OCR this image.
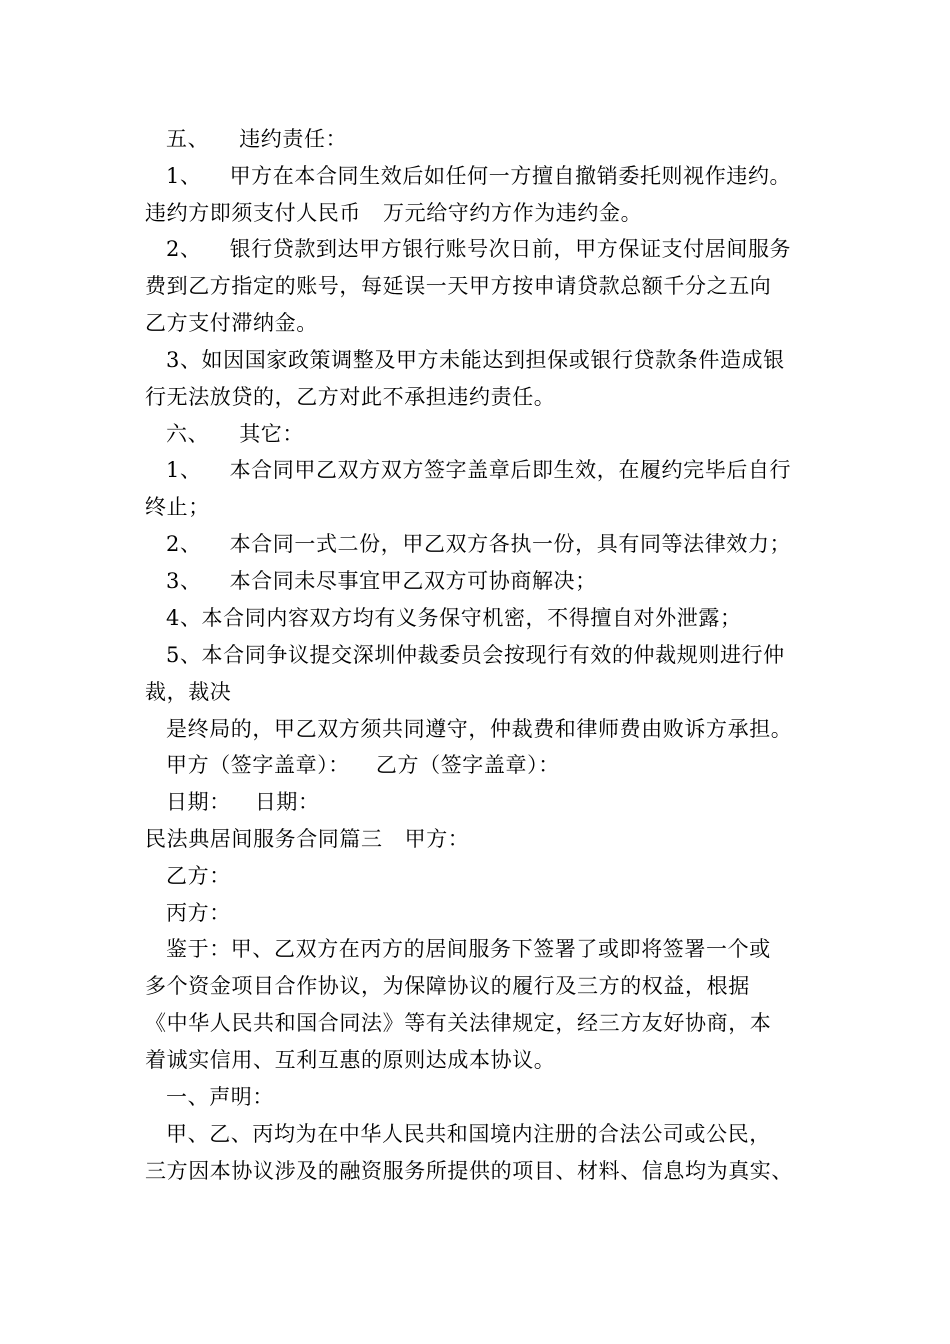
五、 违约责任：
1、 甲方在本合同生效后如任何一方擅自撤销委托则视作违约。
违约方即须支付人民币 万元给守约方作为违约金。
2、 银行贷款到达甲方银行账号次日前，甲方保证支付居间服务
费到乙方指定的账号，每延误一天甲方按申请贷款总额千分之五向
乙方支付滞纳金。
3、如因国家政策调整及甲方未能达到担保或银行贷款条件造成银
行无法放贷的，乙方对此不承担违约责任。
六、 其它：
1、 本合同甲乙双方双方签字盖章后即生效，在履约完毕后自行
终止；
2、 本合同一式二份，甲乙双方各执一份，具有同等法律效力；
3、 本合同未尽事宜甲乙双方可协商解决；
4、本合同内容双方均有义务保守机密，不得擅自对外泄露；
5、本合同争议提交深圳仲裁委员会按现行有效的仲裁规则进行仲
裁，裁决
是终局的，甲乙双方须共同遵守，仲裁费和律师费由败诉方承担。
甲方（签字盖章）： 乙方（签字盖章）：
日期： 日期：
民法典居间服务合同篇三 甲方：
乙方：
丙方：
鉴于：甲、乙双方在丙方的居间服务下签署了或即将签署一个或
多个资金项目合作协议，为保障协议的履行及三方的权益，根据
《中华人民共和国合同法》等有关法律规定，经三方友好协商，本
着诚实信用、互利互惠的原则达成本协议。
一、声明：
甲、乙、丙均为在中华人民共和国境内注册的合法公司或公民，
三方因本协议涉及的融资服务所提供的项目、材料、信息均为真实、
